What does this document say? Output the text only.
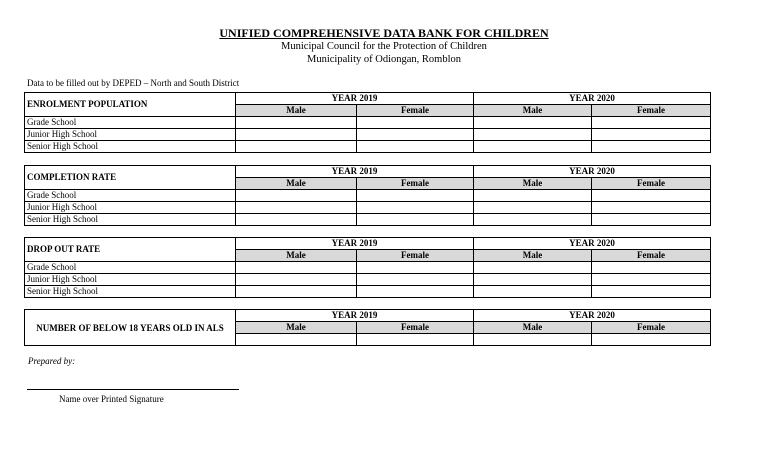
UNIFIED COMPREHENSIVE DATA BANK FOR CHILDREN
Municipal Council for the Protection of Children
Municipality of Odiongan, Romblon
Data to be filled out by DEPED – North and South District
ENROLMENT POPULATION	YEAR 2019		YEAR 2020	
	Male	Female	Male	Female
Grade School				
Junior High School				
Senior High School				
COMPLETION RATE	YEAR 2019		YEAR 2020	
	Male	Female	Male	Female
Grade School				
Junior High School				
Senior High School				
DROP OUT RATE	YEAR 2019		YEAR 2020	
	Male	Female	Male	Female
Grade School				
Junior High School				
Senior High School				
NUMBER OF BELOW 18 YEARS OLD IN ALS	YEAR 2019		YEAR 2020	
	Male	Female	Male	Female

Prepared by:
Name over Printed Signature
